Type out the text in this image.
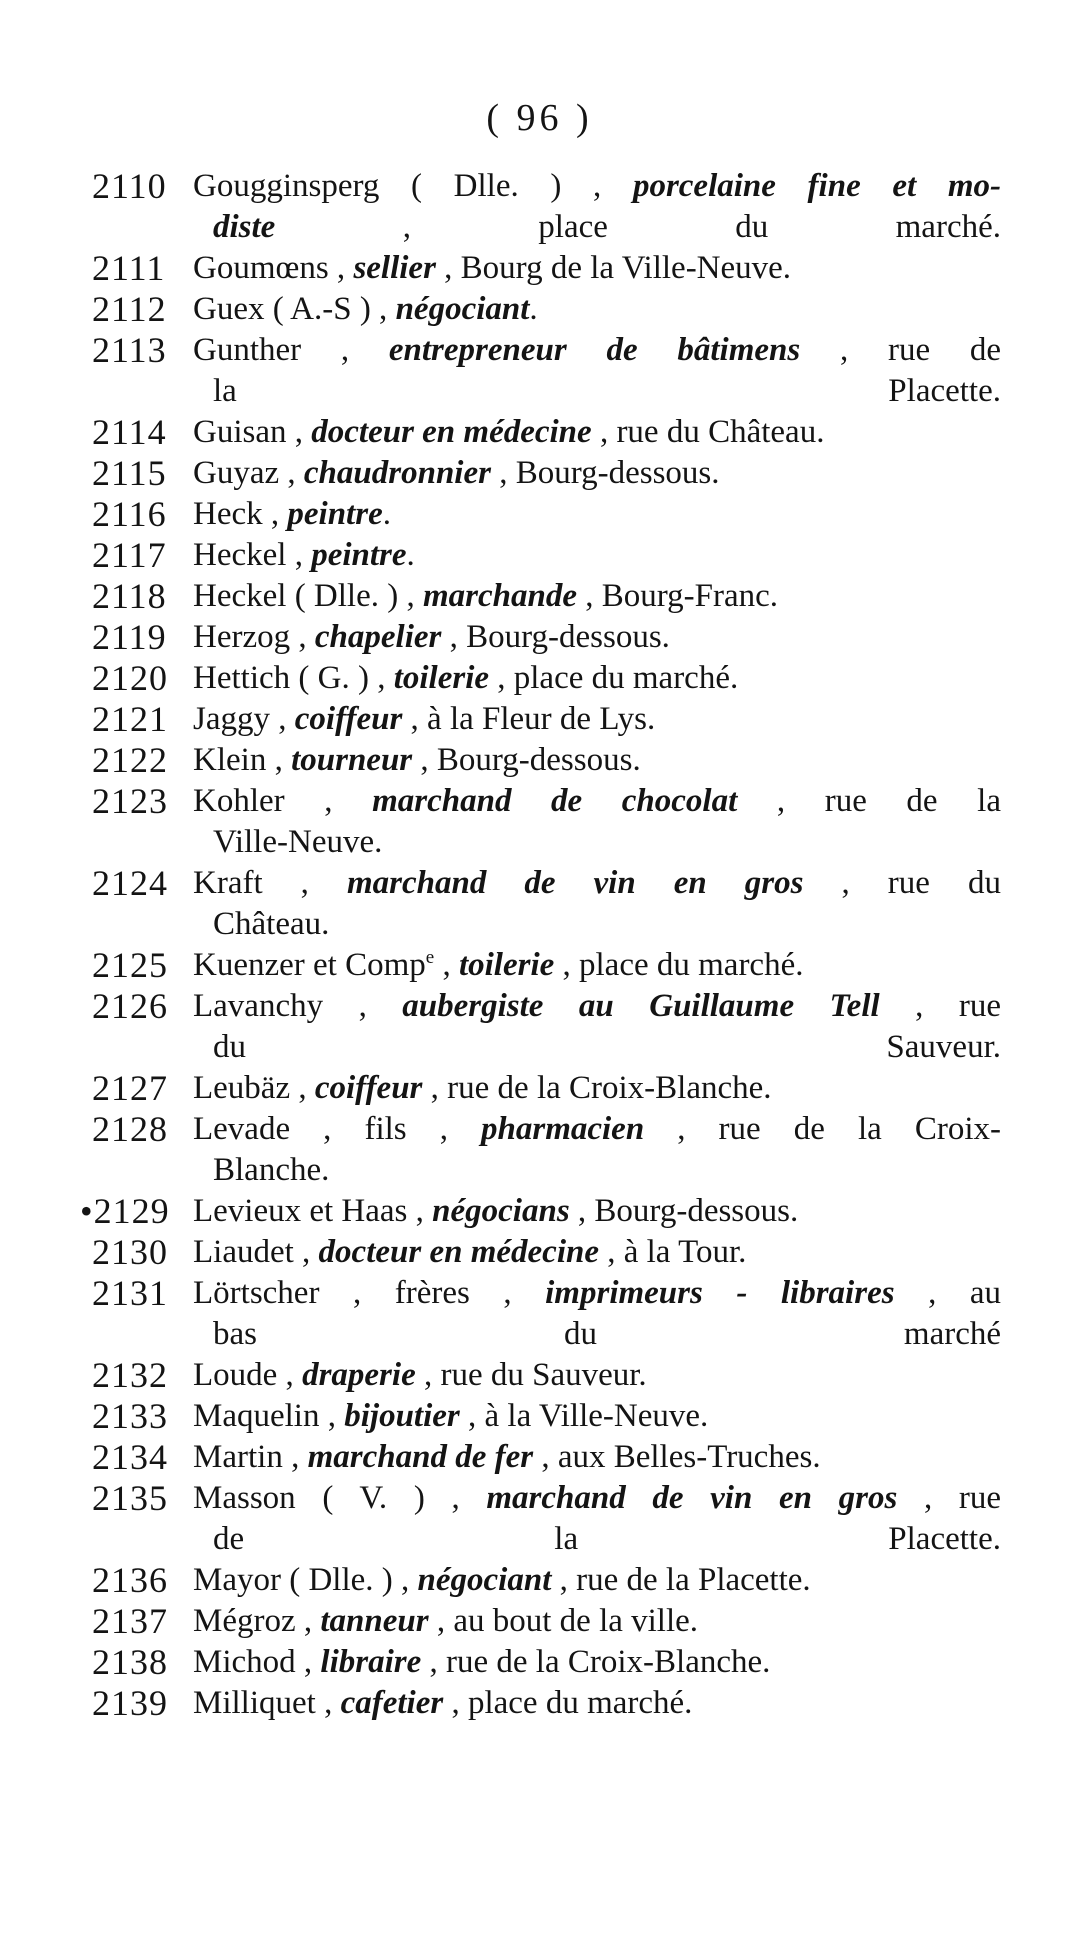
( 96 )
2110 Gougginsperg ( Dlle. ) , porcelaine fine et mo-
diste , place du marché.
2111 Goumœns , sellier , Bourg de la Ville-Neuve.
2112 Guex ( A.-S ) , négociant.
2113 Gunther , entrepreneur de bâtimens , rue de
la Placette.
2114 Guisan , docteur en médecine , rue du Château.
2115 Guyaz , chaudronnier , Bourg-dessous.
2116 Heck , peintre.
2117 Heckel , peintre.
2118 Heckel ( Dlle. ) , marchande , Bourg-Franc.
2119 Herzog , chapelier , Bourg-dessous.
2120 Hettich ( G. ) , toilerie , place du marché.
2121 Jaggy , coiffeur , à la Fleur de Lys.
2122 Klein , tourneur , Bourg-dessous.
2123 Kohler , marchand de chocolat , rue de la
Ville-Neuve.
2124 Kraft , marchand de vin en gros , rue du
Château.
2125 Kuenzer et Comp$^e$ , toilerie , place du marché.
2126 Lavanchy , aubergiste au Guillaume Tell , rue
du Sauveur.
2127 Leubäz , coiffeur , rue de la Croix-Blanche.
2128 Levade , fils , pharmacien , rue de la Croix-
Blanche.
•2129 Levieux et Haas , négocians , Bourg-dessous.
2130 Liaudet , docteur en médecine , à la Tour.
2131 Lörtscher , frères , imprimeurs - libraires , au
bas du marché
2132 Loude , draperie , rue du Sauveur.
2133 Maquelin , bijoutier , à la Ville-Neuve.
2134 Martin , marchand de fer , aux Belles-Truches.
2135 Masson ( V. ) , marchand de vin en gros , rue
de la Placette.
2136 Mayor ( Dlle. ) , négociant , rue de la Placette.
2137 Mégroz , tanneur , au bout de la ville.
2138 Michod , libraire , rue de la Croix-Blanche.
2139 Milliquet , cafetier , place du marché.
